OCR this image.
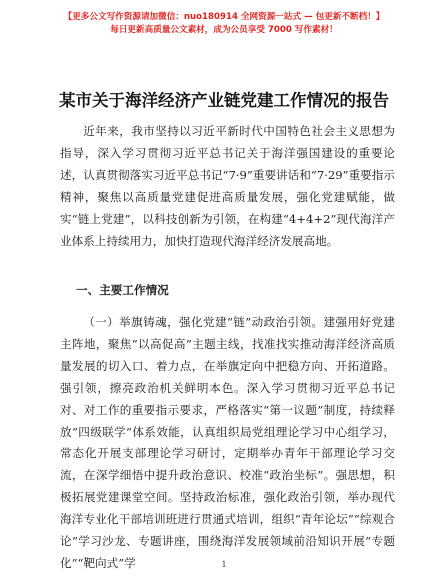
【更多公文写作资源请加微信：nuo180914 全网资源一站式 — 包更新不断档！】
每日更新高质量公文素材，成为公员享受 7000 写作素材！
某市关于海洋经济产业链党建工作情况的报告
近年来，我市坚持以习近平新时代中国特色社会主义思想为指导，深入学习贯彻习近平总书记关于海洋强国建设的重要论述，认真贯彻落实习近平总书记“7·9”重要讲话和“7·29”重要指示精神，聚焦以高质量党建促进高质量发展，强化党建赋能，做实“链上党建”，以科技创新为引领，在构建“4+4+2”现代海洋产业体系上持续用力，加快打造现代海洋经济发展高地。
一、主要工作情况
（一）举旗铸魂，强化党建“链”动政治引领。建强用好党建主阵地，聚焦“以高促高”主题主线，找准找实推动海洋经济高质量发展的切入口、着力点，在举旗定向中把稳方向、开拓道路。强引领，擦亮政治机关鲜明本色。深入学习贯彻习近平总书记对、对工作的重要指示要求，严格落实“第一议题”制度，持续释放“四级联学”体系效能，认真组织局党组理论学习中心组学习，常态化开展支部理论学习研讨，定期举办青年干部理论学习交流，在深学细悟中提升政治意识、校准“政治坐标”。强思想，积极拓展党建课堂空间。坚持政治标准，强化政治引领，举办现代海洋专业化干部培训班进行贯通式培训，组织“青年论坛”“综观合论”学习沙龙、专题讲座，围绕海洋发展领域前沿知识开展“专题化”“靶向式”学	1
